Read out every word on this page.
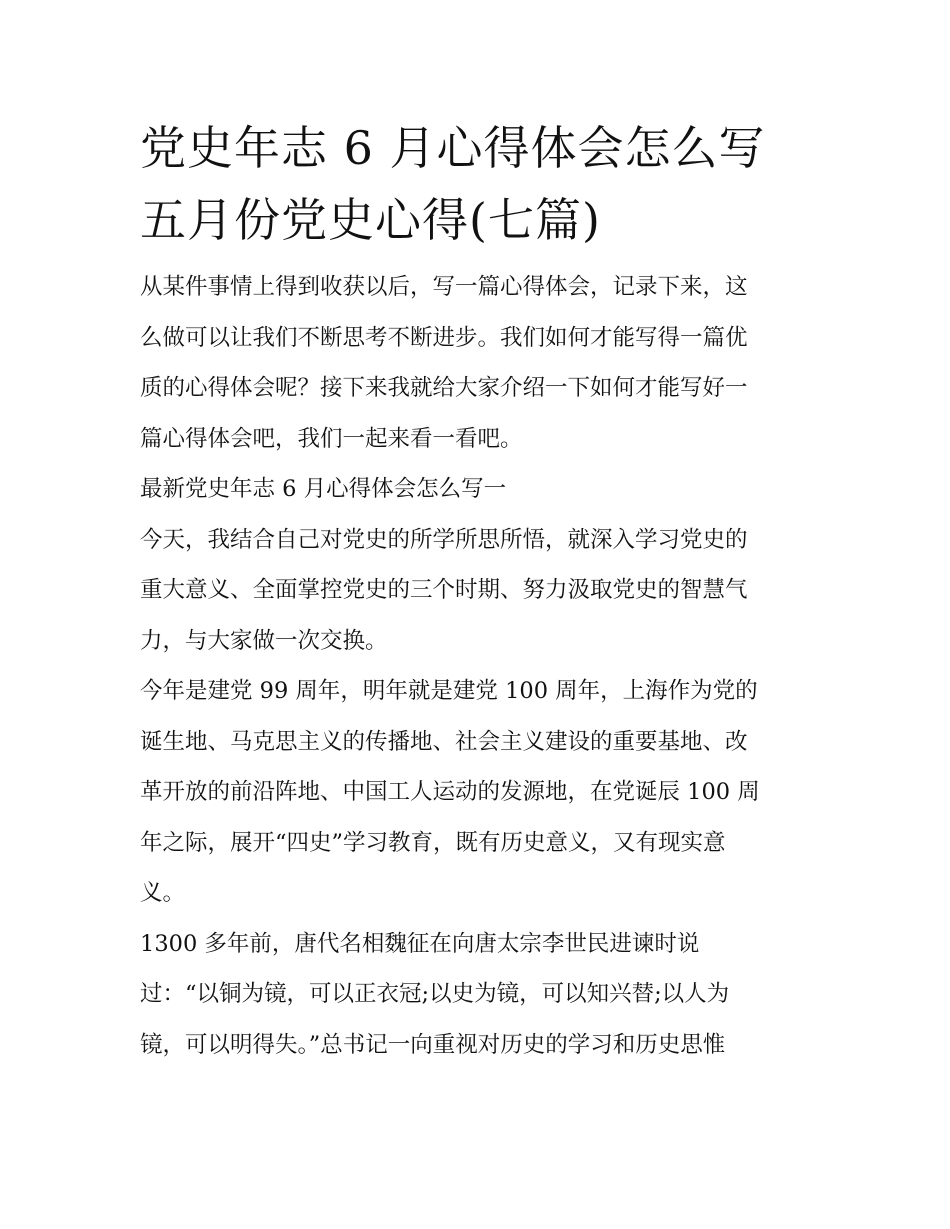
党史年志 6 月心得体会怎么写
五月份党史心得(七篇)

从某件事情上得到收获以后，写一篇心得体会，记录下来，这
么做可以让我们不断思考不断进步。我们如何才能写得一篇优
质的心得体会呢？接下来我就给大家介绍一下如何才能写好一
篇心得体会吧，我们一起来看一看吧。

最新党史年志 6 月心得体会怎么写一

今天，我结合自己对党史的所学所思所悟，就深入学习党史的
重大意义、全面掌控党史的三个时期、努力汲取党史的智慧气
力，与大家做一次交换。

今年是建党 99 周年，明年就是建党 100 周年，上海作为党的
诞生地、马克思主义的传播地、社会主义建设的重要基地、改
革开放的前沿阵地、中国工人运动的发源地，在党诞辰 100 周
年之际，展开“四史”学习教育，既有历史意义，又有现实意
义。

1300 多年前，唐代名相魏征在向唐太宗李世民进谏时说
过：“以铜为镜，可以正衣冠;以史为镜，可以知兴替;以人为
镜，可以明得失。”总书记一向重视对历史的学习和历史思惟
